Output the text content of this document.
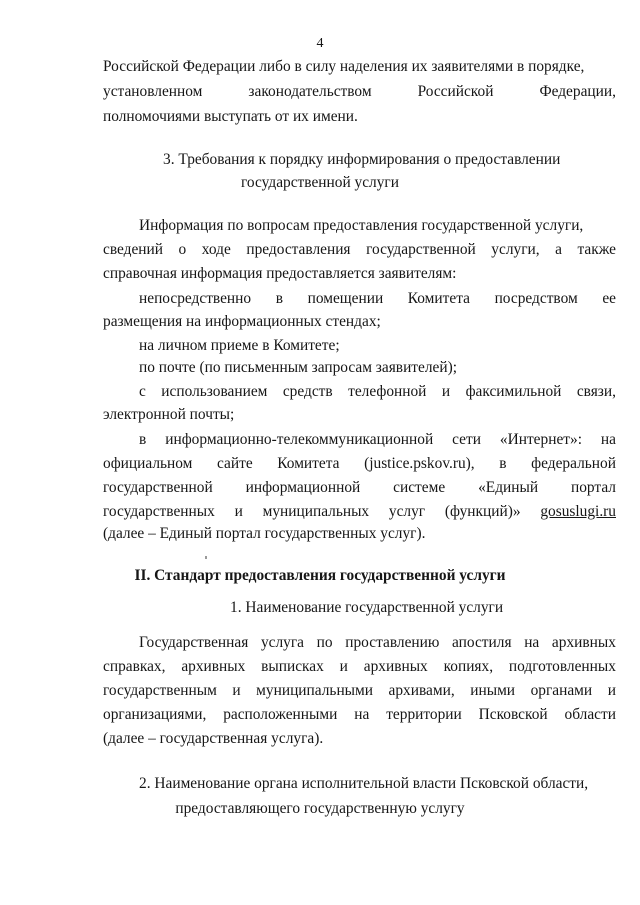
4
Российской Федерации либо в силу наделения их заявителями в порядке,
установленном	законодательством	Российской	Федерации,
полномочиями выступать от их имени.
3. Требования к порядку информирования о предоставлении
государственной услуги
Информация по вопросам предоставления государственной услуги,
сведений о ходе предоставления государственной услуги, а также
справочная информация предоставляется заявителям:
непосредственно в помещении Комитета посредством ее
размещения на информационных стендах;
на личном приеме в Комитете;
по почте (по письменным запросам заявителей);
с использованием средств телефонной и факсимильной связи,
электронной почты;
в информационно-телекоммуникационной сети «Интернет»: на
официальном сайте Комитета (justice.pskov.ru), в федеральной
государственной информационной системе «Единый портал
государственных и муниципальных услуг (функций)» gosuslugi.ru
(далее – Единый портал государственных услуг).
II. Стандарт предоставления государственной услуги
1. Наименование государственной услуги
Государственная услуга по проставлению апостиля на архивных
справках, архивных выписках и архивных копиях, подготовленных
государственным и муниципальными архивами, иными органами и
организациями, расположенными на территории Псковской области
(далее – государственная услуга).
2. Наименование органа исполнительной власти Псковской области,
предоставляющего государственную услугу
